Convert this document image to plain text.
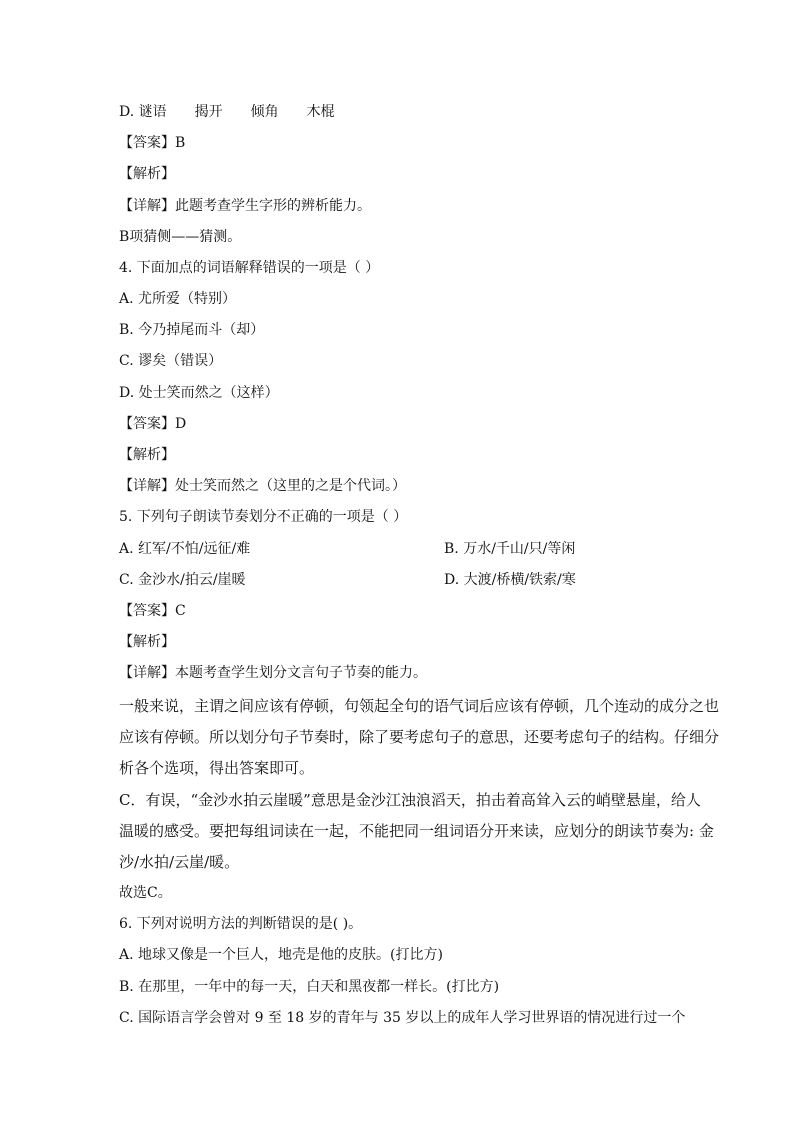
D. 谜语 揭开 倾角 木棍
【答案】B
【解析】
【详解】此题考查学生字形的辨析能力。
B项猜侧——猜测。
4. 下面加点的词语解释错误的一项是（ ）
A. 尤所爱（特别）
B. 今乃掉尾而斗（却）
C. 谬矣（错误）
D. 处士笑而然之（这样）
【答案】D
【解析】
【详解】处士笑而然之（这里的之是个代词。）
5. 下列句子朗读节奏划分不正确的一项是（ ）
A. 红军/不怕/远征/难	B. 万水/千山/只/等闲
C. 金沙水/拍云/崖暖	D. 大渡/桥横/铁索/寒
【答案】C
【解析】
【详解】本题考查学生划分文言句子节奏的能力。
一般来说，主谓之间应该有停顿，句领起全句的语气词后应该有停顿，几个连动的成分之也
应该有停顿。所以划分句子节奏时，除了要考虑句子的意思，还要考虑句子的结构。仔细分
析各个选项，得出答案即可。
C．有误，“金沙水拍云崖暖”意思是金沙江浊浪滔天，拍击着高耸入云的峭壁悬崖，给人
温暖的感受。要把每组词读在一起，不能把同一组词语分开来读，应划分的朗读节奏为: 金
沙/水拍/云崖/暖。
故选C。
6. 下列对说明方法的判断错误的是( )。
A. 地球又像是一个巨人，地壳是他的皮肤。(打比方)
B. 在那里，一年中的每一天，白天和黑夜都一样长。(打比方)
C. 国际语言学会曾对 9 至 18 岁的青年与 35 岁以上的成年人学习世界语的情况进行过一个
